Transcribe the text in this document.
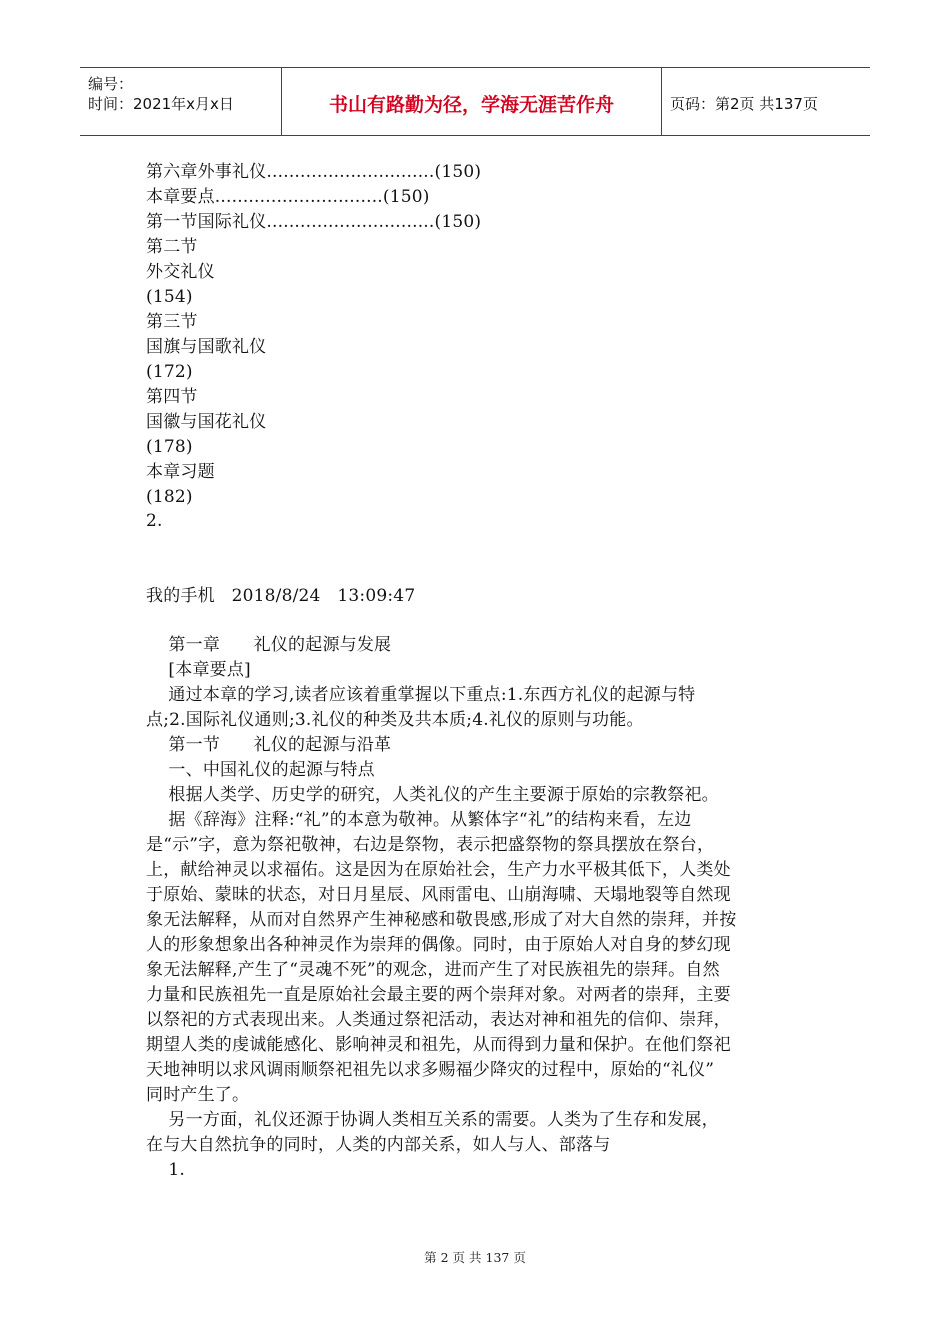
编号：
时间：2021年x月x日	书山有路勤为径，学海无涯苦作舟	页码：第2页 共137页
第六章外事礼仪..............................(150)
本章要点..............................(150)
第一节国际礼仪..............................(150)
第二节
外交礼仪
(154)
第三节
国旗与国歌礼仪
(172)
第四节
国徽与国花礼仪
(178)
本章习题
(182)
2.
我的手机   2018/8/24   13:09:47
第一章      礼仪的起源与发展
[本章要点]
通过本章的学习,读者应该着重掌握以下重点:1.东西方礼仪的起源与特
点;2.国际礼仪通则;3.礼仪的种类及共本质;4.礼仪的原则与功能。
第一节      礼仪的起源与沿革
一、中国礼仪的起源与特点
根据人类学、历史学的研究，人类礼仪的产生主要源于原始的宗教祭祀。
据《辞海》注释:“礼”的本意为敬神。从繁体字“礼”的结构来看，左边
是“示”字，意为祭祀敬神，右边是祭物，表示把盛祭物的祭具摆放在祭台，
上，献给神灵以求福佑。这是因为在原始社会，生产力水平极其低下，人类处
于原始、蒙昧的状态，对日月星辰、风雨雷电、山崩海啸、天塌地裂等自然现
象无法解释，从而对自然界产生神秘感和敬畏感,形成了对大自然的崇拜，并按
人的形象想象出各种神灵作为崇拜的偶像。同时，由于原始人对自身的梦幻现
象无法解释,产生了“灵魂不死”的观念，进而产生了对民族祖先的崇拜。自然
力量和民族祖先一直是原始社会最主要的两个崇拜对象。对两者的崇拜，主要
以祭祀的方式表现出来。人类通过祭祀活动，表达对神和祖先的信仰、崇拜，
期望人类的虔诚能感化、影响神灵和祖先，从而得到力量和保护。在他们祭祀
天地神明以求风调雨顺祭祀祖先以求多赐福少降灾的过程中，原始的“礼仪”
同时产生了。
另一方面，礼仪还源于协调人类相互关系的需要。人类为了生存和发展，
在与大自然抗争的同时，人类的内部关系，如人与人、部落与
1.
第 2 页 共 137 页
